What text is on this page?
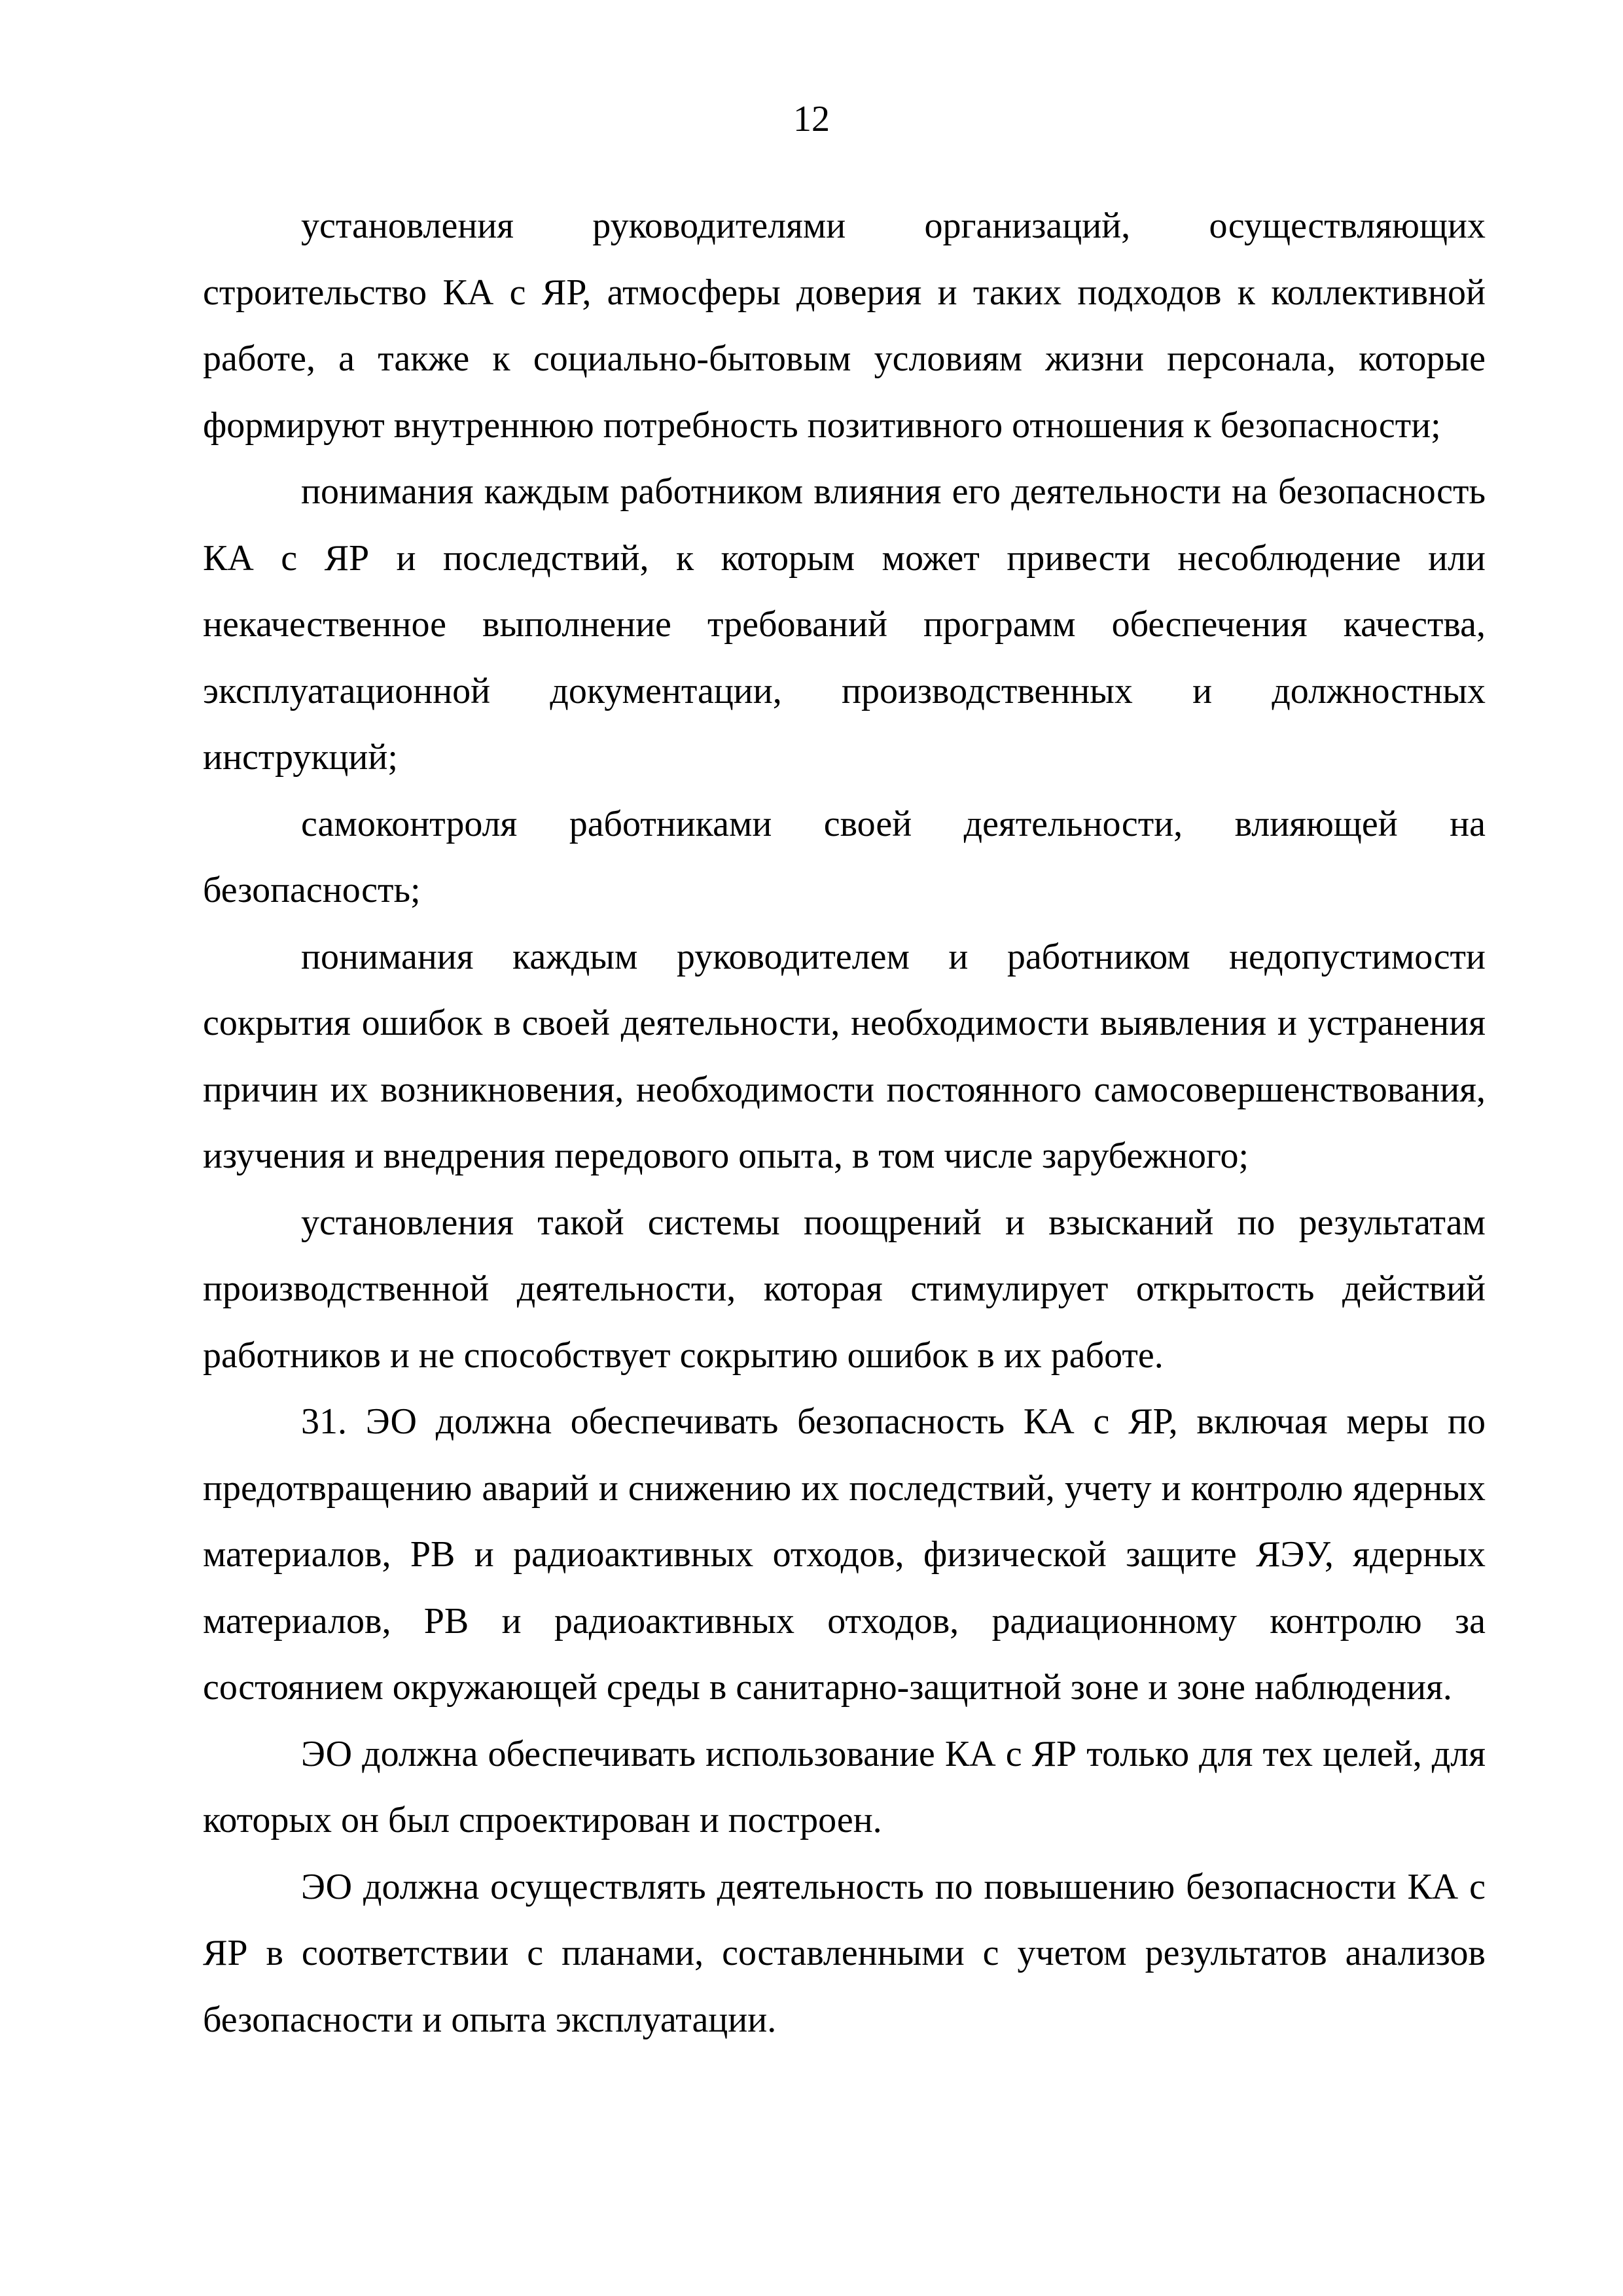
12

установления руководителями организаций, осуществляющих строительство КА с ЯР, атмосферы доверия и таких подходов к коллективной работе, а также к социально-бытовым условиям жизни персонала, которые формируют внутреннюю потребность позитивного отношения к безопасности;

понимания каждым работником влияния его деятельности на безопасность КА с ЯР и последствий, к которым может привести несоблюдение или некачественное выполнение требований программ обеспечения качества, эксплуатационной документации, производственных и должностных инструкций;

самоконтроля работниками своей деятельности, влияющей на безопасность;

понимания каждым руководителем и работником недопустимости сокрытия ошибок в своей деятельности, необходимости выявления и устранения причин их возникновения, необходимости постоянного самосовершенствования, изучения и внедрения передового опыта, в том числе зарубежного;

установления такой системы поощрений и взысканий по результатам производственной деятельности, которая стимулирует открытость действий работников и не способствует сокрытию ошибок в их работе.

31. ЭО должна обеспечивать безопасность КА с ЯР, включая меры по предотвращению аварий и снижению их последствий, учету и контролю ядерных материалов, РВ и радиоактивных отходов, физической защите ЯЭУ, ядерных материалов, РВ и радиоактивных отходов, радиационному контролю за состоянием окружающей среды в санитарно-защитной зоне и зоне наблюдения.

ЭО должна обеспечивать использование КА с ЯР только для тех целей, для которых он был спроектирован и построен.

ЭО должна осуществлять деятельность по повышению безопасности КА с ЯР в соответствии с планами, составленными с учетом результатов анализов безопасности и опыта эксплуатации.
